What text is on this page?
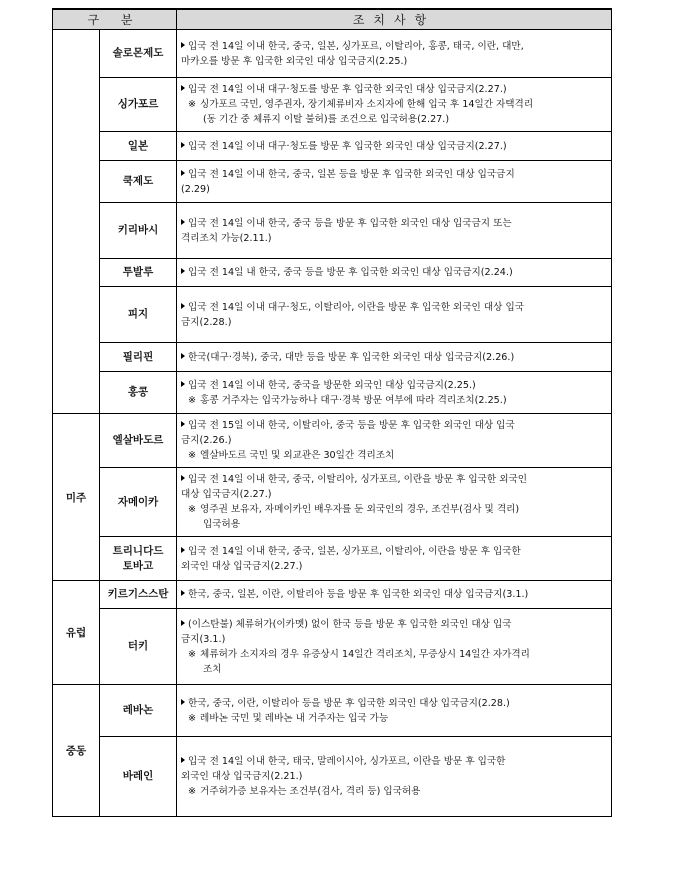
구 분		조치사항
	솔로몬제도	입국 전 14일 이내 한국, 중국, 일본, 싱가포르, 이탈리아, 홍콩, 태국, 이란, 대만,
마카오를 방문 후 입국한 외국인 대상 입국금지(2.25.)

	싱가포르	입국 전 14일 이내 대구·청도를 방문 후 입국한 외국인 대상 입국금지(2.27.)
※ 싱가포르 국민, 영주권자, 장기체류비자 소지자에 한해 입국 후 14일간 자택격리
(동 기간 중 체류지 이탈 불허)를 조건으로 입국허용(2.27.)

	일본	입국 전 14일 이내 대구·청도를 방문 후 입국한 외국인 대상 입국금지(2.27.)

	쿡제도	입국 전 14일 이내 한국, 중국, 일본 등을 방문 후 입국한 외국인 대상 입국금지
(2.29)

	키리바시	입국 전 14일 이내 한국, 중국 등을 방문 후 입국한 외국인 대상 입국금지 또는
격리조치 가능(2.11.)

	투발루	입국 전 14일 내 한국, 중국 등을 방문 후 입국한 외국인 대상 입국금지(2.24.)

	피지	입국 전 14일 이내 대구·청도, 이탈리아, 이란을 방문 후 입국한 외국인 대상 입국
금지(2.28.)

	필리핀	한국(대구·경북), 중국, 대만 등을 방문 후 입국한 외국인 대상 입국금지(2.26.)

	홍콩	입국 전 14일 이내 한국, 중국을 방문한 외국인 대상 입국금지(2.25.)
※ 홍콩 거주자는 입국가능하나 대구·경북 방문 여부에 따라 격리조치(2.25.)

미주	엘살바도르	입국 전 15일 이내 한국, 이탈리아, 중국 등을 방문 후 입국한 외국인 대상 입국
금지(2.26.)
※ 엘살바도르 국민 및 외교관은 30일간 격리조치

	자메이카	입국 전 14일 이내 한국, 중국, 이탈리아, 싱가포르, 이란을 방문 후 입국한 외국인
대상 입국금지(2.27.)
※ 영주권 보유자, 자메이카인 배우자를 둔 외국인의 경우, 조건부(검사 및 격리)
입국허용

	트리니다드
토바고	입국 전 14일 이내 한국, 중국, 일본, 싱가포르, 이탈리아, 이란을 방문 후 입국한
외국인 대상 입국금지(2.27.)

유럽	키르기스스탄	한국, 중국, 일본, 이란, 이탈리아 등을 방문 후 입국한 외국인 대상 입국금지(3.1.)

	터키	(이스탄불) 체류허가(이카멧) 없이 한국 등을 방문 후 입국한 외국인 대상 입국
금지(3.1.)
※ 체류허가 소지자의 경우 유증상시 14일간 격리조치, 무증상시 14일간 자가격리
조치

중동	레바논	한국, 중국, 이란, 이탈리아 등을 방문 후 입국한 외국인 대상 입국금지(2.28.)
※ 레바논 국민 및 레바논 내 거주자는 입국 가능

	바레인	입국 전 14일 이내 한국, 태국, 말레이시아, 싱가포르, 이란을 방문 후 입국한
외국인 대상 입국금지(2.21.)
※ 거주허가증 보유자는 조건부(검사, 격리 등) 입국허용
